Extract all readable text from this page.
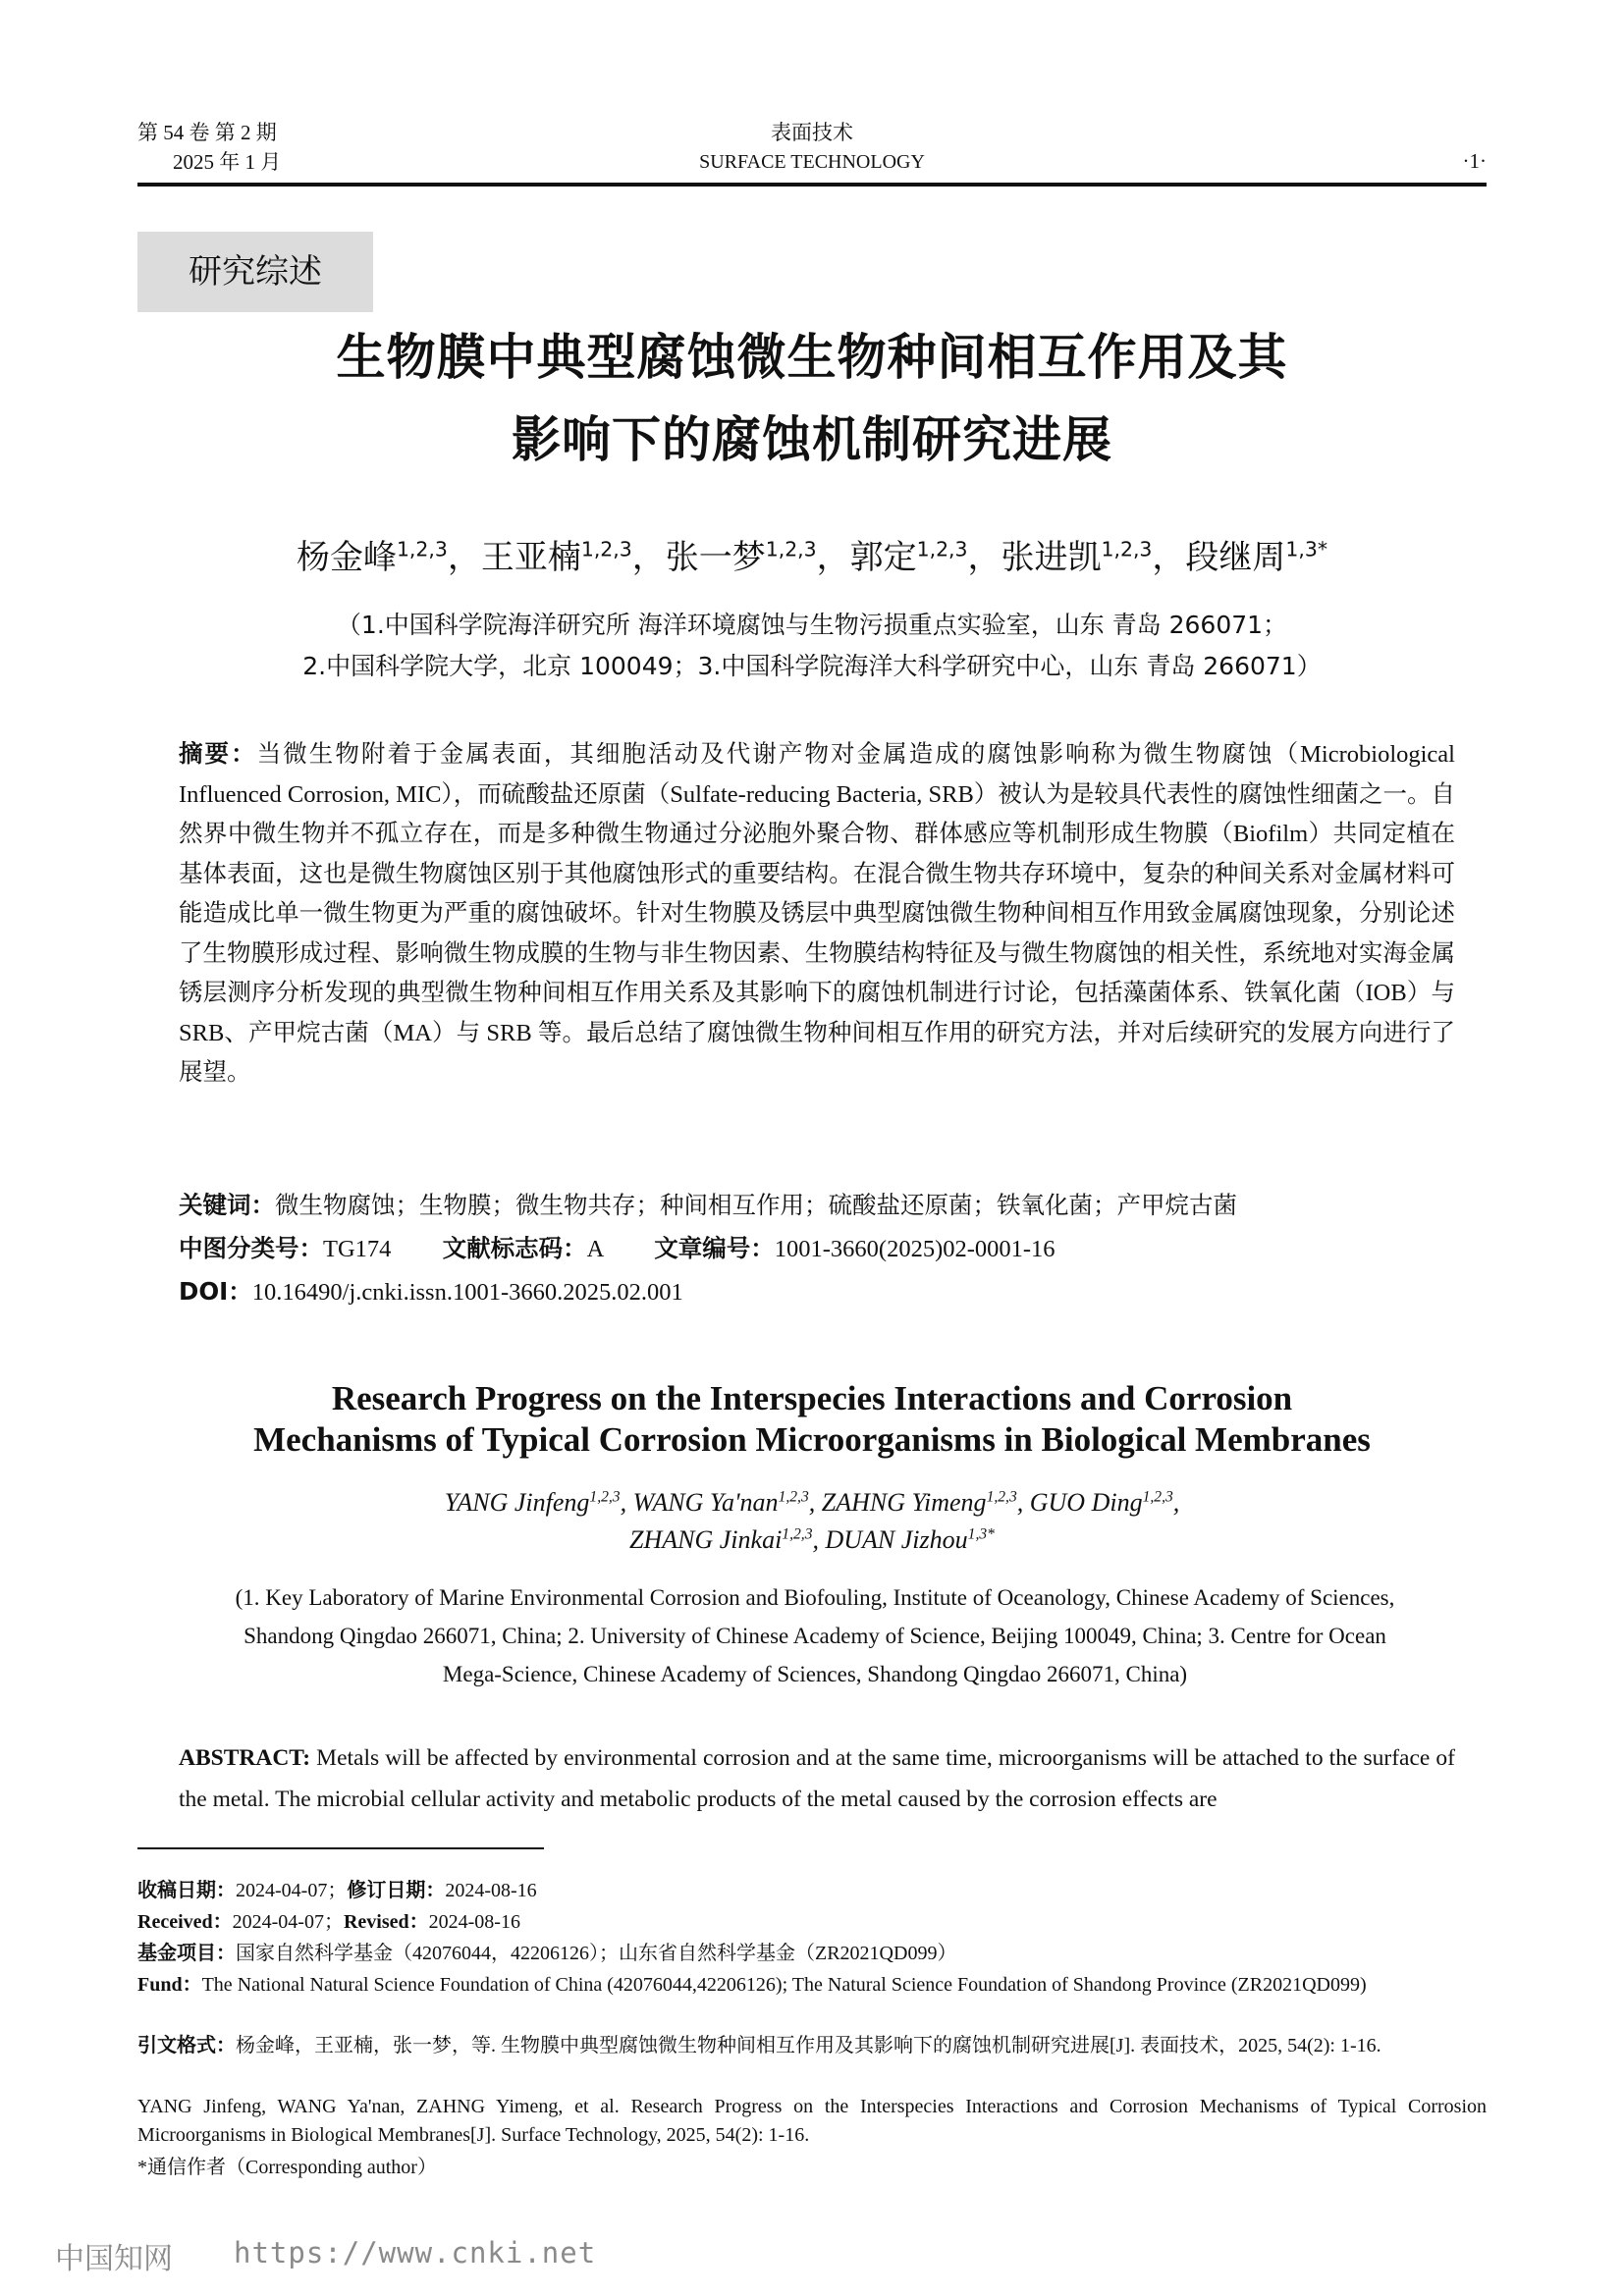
第 54 卷 第 2 期
2025 年 1 月
表面技术
SURFACE TECHNOLOGY	·1·
研究综述
生物膜中典型腐蚀微生物种间相互作用及其
影响下的腐蚀机制研究进展
杨金峰$^{1,2,3}$，王亚楠$^{1,2,3}$，张一梦$^{1,2,3}$，郭定$^{1,2,3}$，张进凯$^{1,2,3}$，段继周$^{1,3*}$
（1.中国科学院海洋研究所 海洋环境腐蚀与生物污损重点实验室，山东 青岛 266071；
2.中国科学院大学，北京 100049；3.中国科学院海洋大科学研究中心，山东 青岛 266071）
摘要：当微生物附着于金属表面，其细胞活动及代谢产物对金属造成的腐蚀影响称为微生物腐蚀（Microbiological Influenced Corrosion, MIC），而硫酸盐还原菌（Sulfate-reducing Bacteria, SRB）被认为是较具代表性的腐蚀性细菌之一。自然界中微生物并不孤立存在，而是多种微生物通过分泌胞外聚合物、群体感应等机制形成生物膜（Biofilm）共同定植在基体表面，这也是微生物腐蚀区别于其他腐蚀形式的重要结构。在混合微生物共存环境中，复杂的种间关系对金属材料可能造成比单一微生物更为严重的腐蚀破坏。针对生物膜及锈层中典型腐蚀微生物种间相互作用致金属腐蚀现象，分别论述了生物膜形成过程、影响微生物成膜的生物与非生物因素、生物膜结构特征及与微生物腐蚀的相关性，系统地对实海金属锈层测序分析发现的典型微生物种间相互作用关系及其影响下的腐蚀机制进行讨论，包括藻菌体系、铁氧化菌（IOB）与 SRB、产甲烷古菌（MA）与 SRB 等。最后总结了腐蚀微生物种间相互作用的研究方法，并对后续研究的发展方向进行了展望。
关键词：微生物腐蚀；生物膜；微生物共存；种间相互作用；硫酸盐还原菌；铁氧化菌；产甲烷古菌
中图分类号：TG174 文献标志码：A 文章编号：1001-3660(2025)02-0001-16
DOI：10.16490/j.cnki.issn.1001-3660.2025.02.001
Research Progress on the Interspecies Interactions and Corrosion
Mechanisms of Typical Corrosion Microorganisms in Biological Membranes
YANG Jinfeng$^{1,2,3}$, WANG Ya'nan$^{1,2,3}$, ZAHNG Yimeng$^{1,2,3}$, GUO Ding$^{1,2,3}$,
ZHANG Jinkai$^{1,2,3}$, DUAN Jizhou$^{1,3*}$
(1. Key Laboratory of Marine Environmental Corrosion and Biofouling, Institute of Oceanology, Chinese Academy of Sciences,
Shandong Qingdao 266071, China; 2. University of Chinese Academy of Science, Beijing 100049, China; 3. Centre for Ocean
Mega-Science, Chinese Academy of Sciences, Shandong Qingdao 266071, China)
ABSTRACT: Metals will be affected by environmental corrosion and at the same time, microorganisms will be attached to the surface of the metal. The microbial cellular activity and metabolic products of the metal caused by the corrosion effects are
收稿日期：2024-04-07；修订日期：2024-08-16
Received：2024-04-07；Revised：2024-08-16
基金项目：国家自然科学基金（42076044，42206126）；山东省自然科学基金（ZR2021QD099）
Fund：The National Natural Science Foundation of China (42076044,42206126); The Natural Science Foundation of Shandong Province (ZR2021QD099)
引文格式：杨金峰，王亚楠，张一梦，等. 生物膜中典型腐蚀微生物种间相互作用及其影响下的腐蚀机制研究进展[J]. 表面技术，2025, 54(2): 1-16.
YANG Jinfeng, WANG Ya'nan, ZAHNG Yimeng, et al. Research Progress on the Interspecies Interactions and Corrosion Mechanisms of Typical Corrosion Microorganisms in Biological Membranes[J]. Surface Technology, 2025, 54(2): 1-16.
*通信作者（Corresponding author）
中国知网 https://www.cnki.net
